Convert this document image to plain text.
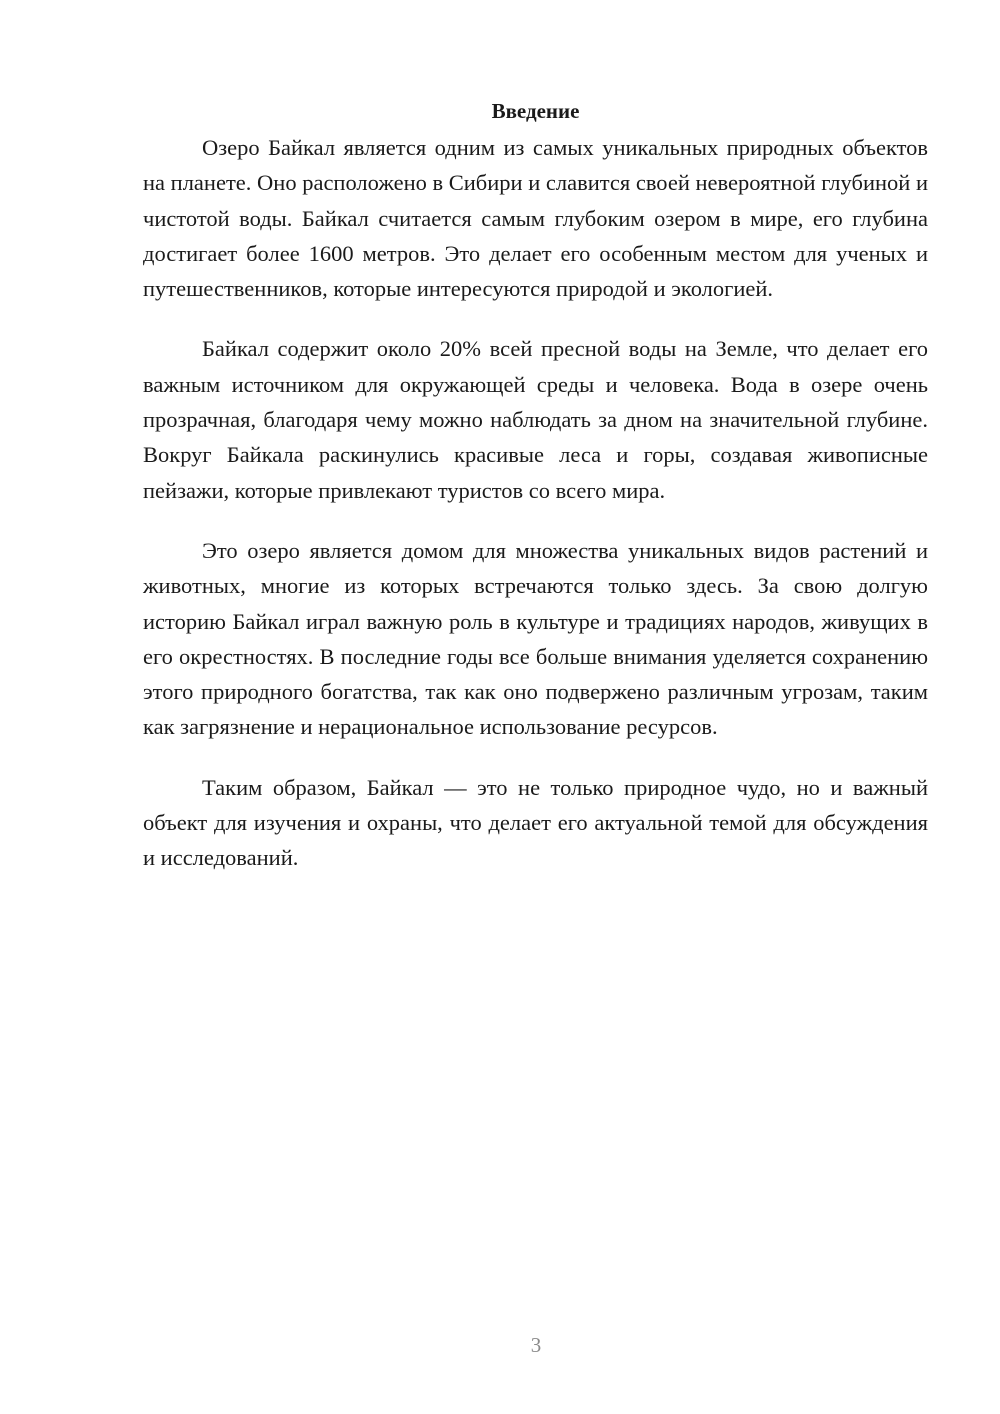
Введение

Озеро Байкал является одним из самых уникальных природных объектов на планете. Оно расположено в Сибири и славится своей невероятной глубиной и чистотой воды. Байкал считается самым глубоким озером в мире, его глубина достигает более 1600 метров. Это делает его особенным местом для ученых и путешественников, которые интересуются природой и экологией.

Байкал содержит около 20% всей пресной воды на Земле, что делает его важным источником для окружающей среды и человека. Вода в озере очень прозрачная, благодаря чему можно наблюдать за дном на значительной глубине. Вокруг Байкала раскинулись красивые леса и горы, создавая живописные пейзажи, которые привлекают туристов со всего мира.

Это озеро является домом для множества уникальных видов растений и животных, многие из которых встречаются только здесь. За свою долгую историю Байкал играл важную роль в культуре и традициях народов, живущих в его окрестностях. В последние годы все больше внимания уделяется сохранению этого природного богатства, так как оно подвержено различным угрозам, таким как загрязнение и нерациональное использование ресурсов.

Таким образом, Байкал — это не только природное чудо, но и важный объект для изучения и охраны, что делает его актуальной темой для обсуждения и исследований.

3
